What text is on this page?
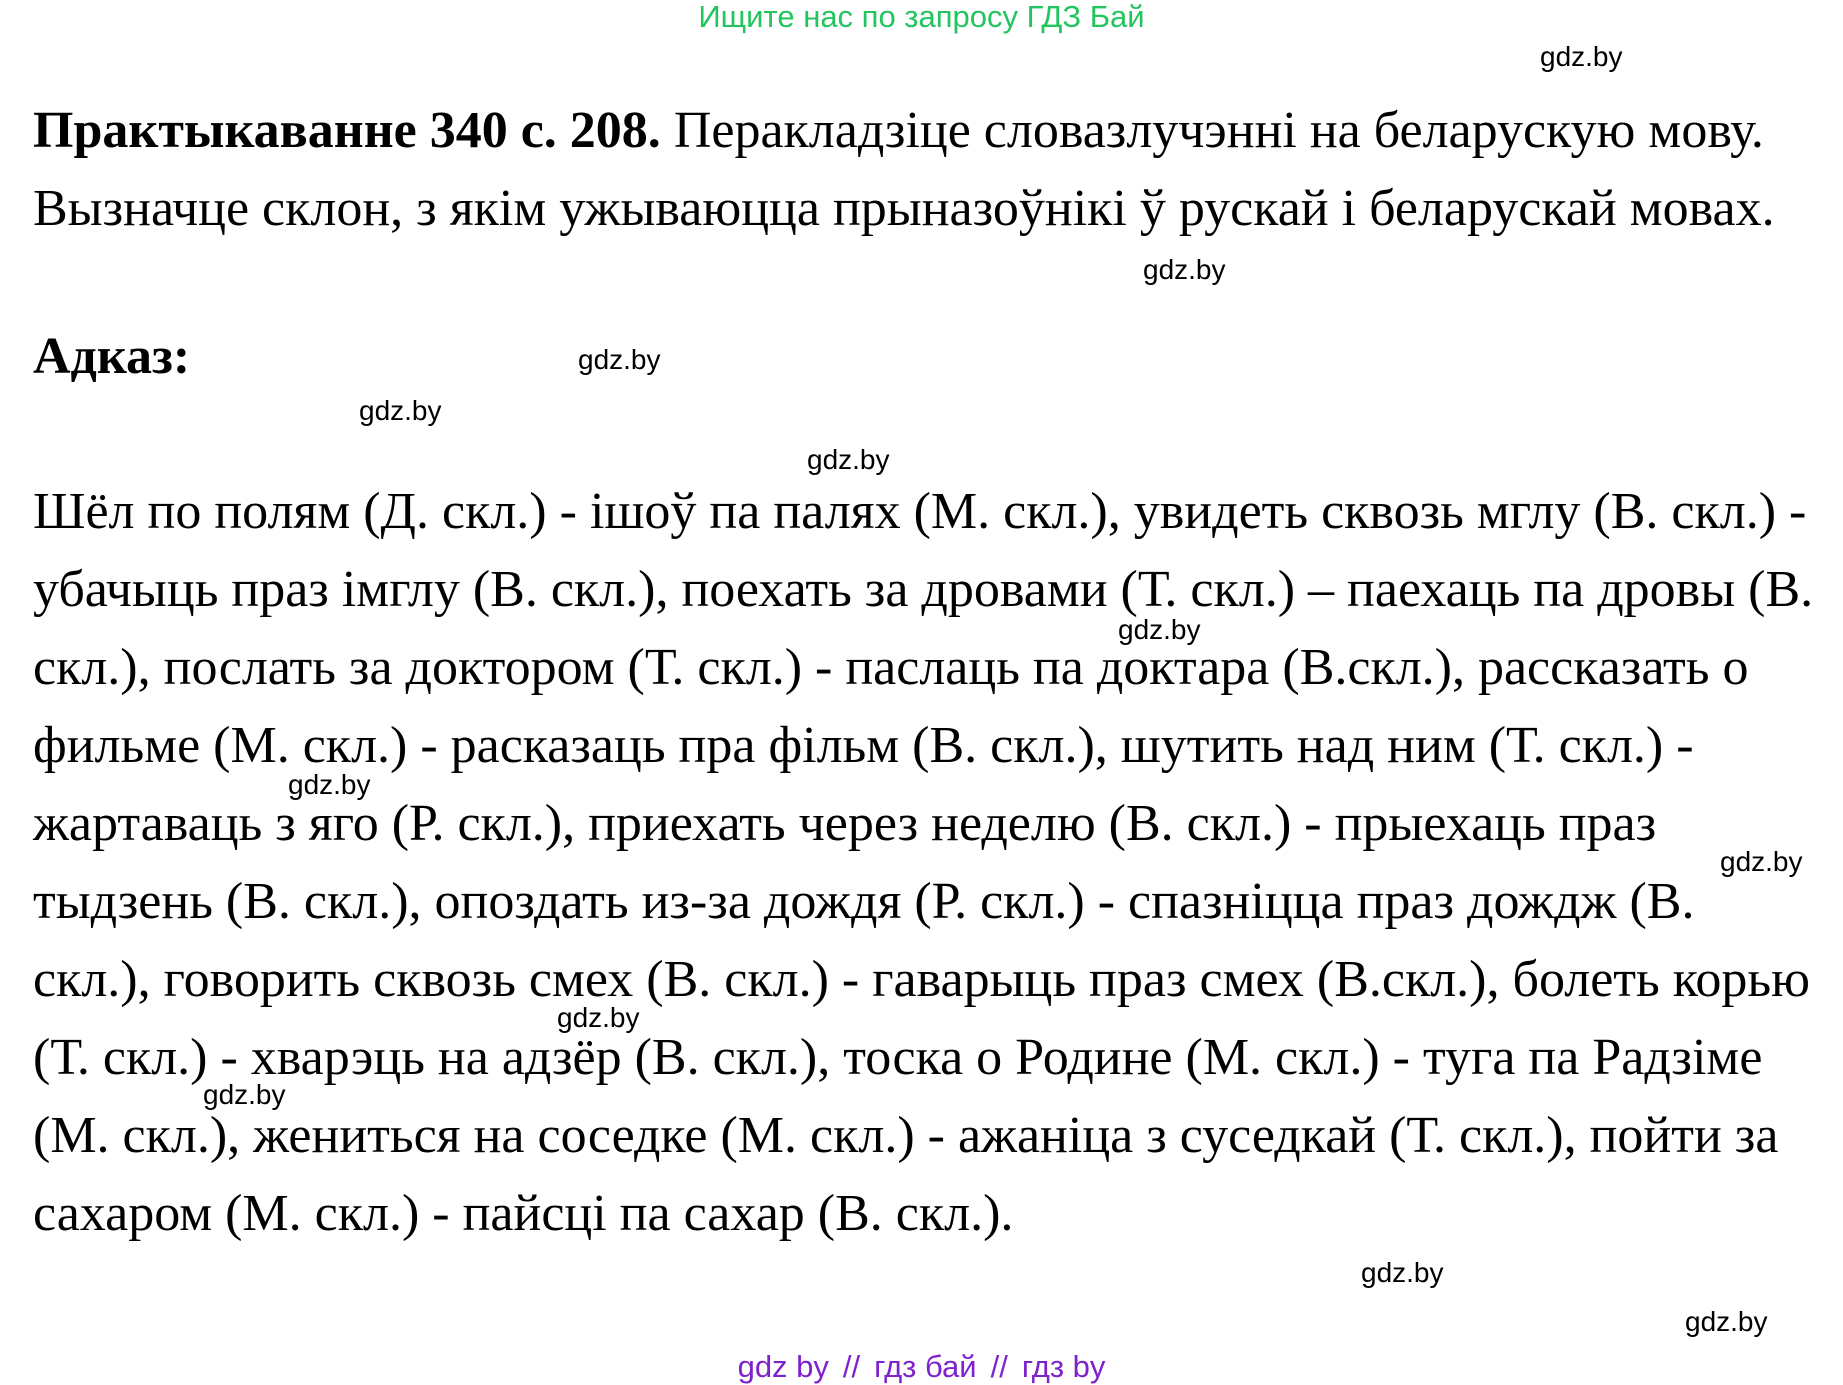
Ищите нас по запросу ГДЗ Бай
Практыкаванне 340 с. 208. Перакладзіце словазлучэнні на беларускую мову. Вызначце склон, з якім ужываюцца прыназоўнікі ў рускай і беларускай мовах.
Адказ:
Шёл по полям (Д. скл.) - ішоў па палях (М. скл.), увидеть сквозь мглу (В. скл.) - убачыць праз імглу (В. скл.), поехать за дровами (Т. скл.) – паехаць па дровы (В. скл.), послать за доктором (Т. скл.) - паслаць па доктара (В.скл.), рассказать о фильме (М. скл.) - расказаць пра фільм (В. скл.), шутить над ним (Т. скл.) - жартаваць з яго (Р. скл.), приехать через неделю (В. скл.) - прыехаць праз тыдзень (В. скл.), опоздать из-за дождя (Р. скл.) - спазніцца праз дождж (В. скл.), говорить сквозь смех (В. скл.) - гаварыць праз смех (В.скл.), болеть корью (Т. скл.) - хварэць на адзёр (В. скл.), тоска о Родине (М. скл.) - туга па Радзіме (М. скл.), жениться на соседке (М. скл.) - ажаніца з суседкай (Т. скл.), пойти за сахаром (М. скл.) - пайсці па сахар (В. скл.).
gdz.by
gdz.by
gdz.by
gdz.by
gdz.by
gdz.by
gdz.by
gdz.by
gdz.by
gdz.by
gdz.by
gdz.by
gdz by // гдз бай // гдз by
